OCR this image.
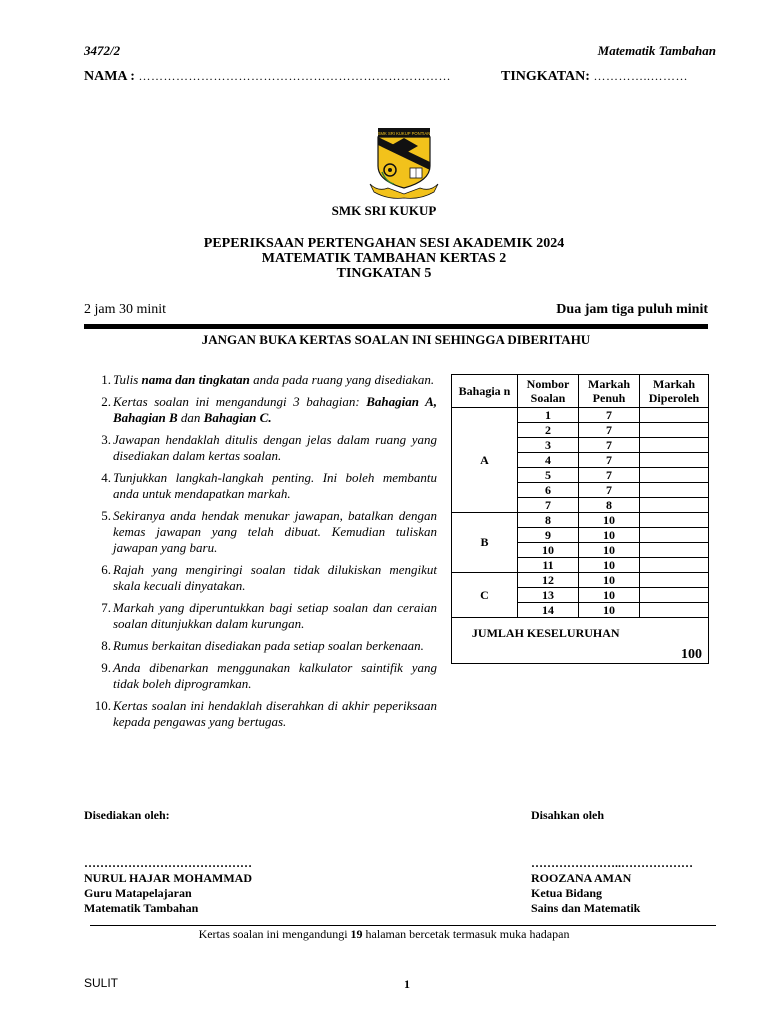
3472/2	Matematik Tambahan
NAMA : …………………………………………………………………	TINGKATAN: …………..………
SMK SRI KUKUP PONTIAN
SMK SRI KUKUP
PEPERIKSAAN PERTENGAHAN SESI AKADEMIK 2024
MATEMATIK TAMBAHAN KERTAS 2
TINGKATAN 5
2 jam 30 minit	Dua jam tiga puluh minit
JANGAN BUKA KERTAS SOALAN INI SEHINGGA DIBERITAHU
1. Tulis nama dan tingkatan anda pada ruang yang disediakan.
2. Kertas soalan ini mengandungi 3 bahagian: Bahagian A, Bahagian B dan Bahagian C.
3. Jawapan hendaklah ditulis dengan jelas dalam ruang yang disediakan dalam kertas soalan.
4. Tunjukkan langkah-langkah penting. Ini boleh membantu anda untuk mendapatkan markah.
5. Sekiranya anda hendak menukar jawapan, batalkan dengan kemas jawapan yang telah dibuat. Kemudian tuliskan jawapan yang baru.
6. Rajah yang mengiringi soalan tidak dilukiskan mengikut skala kecuali dinyatakan.
7. Markah yang diperuntukkan bagi setiap soalan dan ceraian soalan ditunjukkan dalam kurungan.
8. Rumus berkaitan disediakan pada setiap soalan berkenaan.
9. Anda dibenarkan menggunakan kalkulator saintifik yang tidak boleh diprogramkan.
10. Kertas soalan ini hendaklah diserahkan di akhir peperiksaan kepada pengawas yang bertugas.
Bahagia n	Nombor Soalan	Markah Penuh	Markah Diperoleh
A	1	7	
	2	7	
	3	7	
	4	7	
	5	7	
	6	7	
	7	8	
B	8	10	
	9	10	
	10	10	
	11	10	
C	12	10	
	13	10	
	14	10	
JUMLAH KESELURUHAN			100
Disediakan oleh:	Disahkan oleh
……………………………………
NURUL HAJAR MOHAMMAD
Guru Matapelajaran
Matematik Tambahan
…………………..………………
ROOZANA AMAN
Ketua Bidang
Sains dan Matematik
Kertas soalan ini mengandungi 19 halaman bercetak termasuk muka hadapan
SULIT	1
